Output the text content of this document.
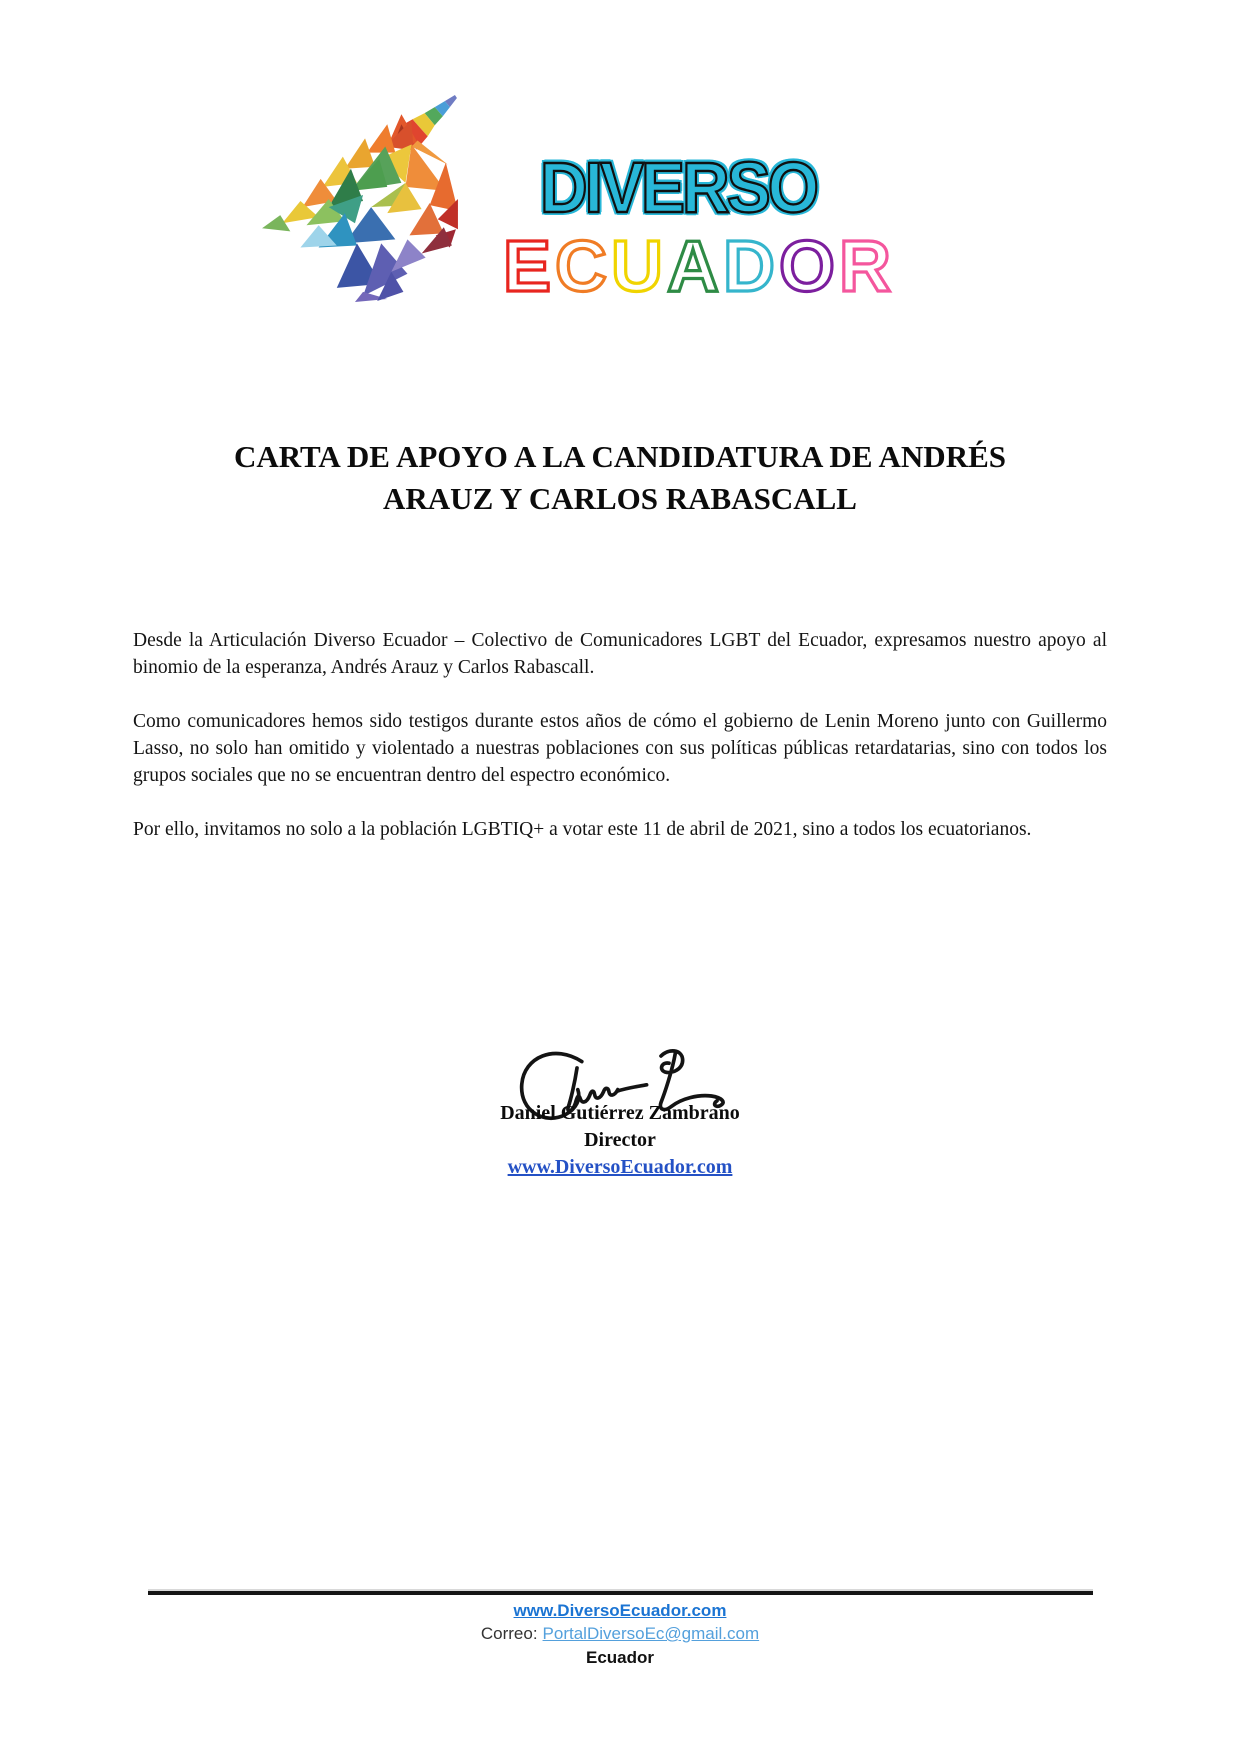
DIVERSO
ECUADOR
CARTA DE APOYO A LA CANDIDATURA DE ANDRÉS
ARAUZ Y CARLOS RABASCALL

Desde la Articulación Diverso Ecuador – Colectivo de Comunicadores LGBT del Ecuador, expresamos nuestro apoyo al binomio de la esperanza, Andrés Arauz y Carlos Rabascall.

Como comunicadores hemos sido testigos durante estos años de cómo el gobierno de Lenin Moreno junto con Guillermo Lasso, no solo han omitido y violentado a nuestras poblaciones con sus políticas públicas retardatarias, sino con todos los grupos sociales que no se encuentran dentro del espectro económico.

Por ello, invitamos no solo a la población LGBTIQ+ a votar este 11 de abril de 2021, sino a todos los ecuatorianos.

Daniel Gutiérrez Zambrano
Director
www.DiversoEcuador.com
www.DiversoEcuador.com
Correo: PortalDiversoEc@gmail.com
Ecuador
